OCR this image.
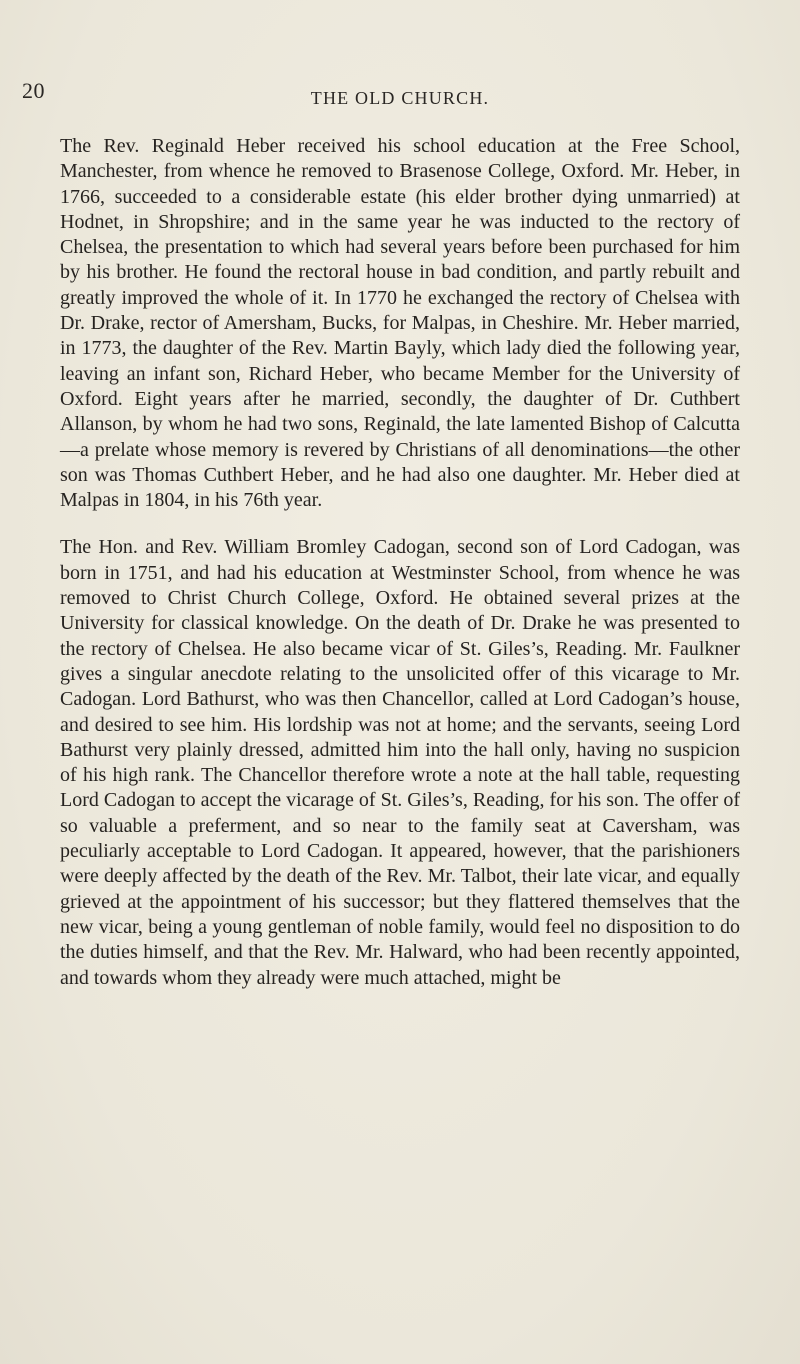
20	THE OLD CHURCH.

The Rev. Reginald Heber received his school education at the Free School, Manchester, from whence he removed to Brasenose College, Oxford. Mr. Heber, in 1766, succeeded to a considerable estate (his elder brother dying unmarried) at Hodnet, in Shropshire; and in the same year he was inducted to the rectory of Chelsea, the presentation to which had several years before been purchased for him by his brother. He found the rectoral house in bad condition, and partly rebuilt and greatly improved the whole of it. In 1770 he exchanged the rectory of Chelsea with Dr. Drake, rector of Amersham, Bucks, for Malpas, in Cheshire. Mr. Heber married, in 1773, the daughter of the Rev. Martin Bayly, which lady died the following year, leaving an infant son, Richard Heber, who became Member for the University of Oxford. Eight years after he married, secondly, the daughter of Dr. Cuthbert Allanson, by whom he had two sons, Reginald, the late lamented Bishop of Calcutta—a prelate whose memory is revered by Christians of all denominations—the other son was Thomas Cuthbert Heber, and he had also one daughter. Mr. Heber died at Malpas in 1804, in his 76th year.

The Hon. and Rev. William Bromley Cadogan, second son of Lord Cadogan, was born in 1751, and had his education at Westminster School, from whence he was removed to Christ Church College, Oxford. He obtained several prizes at the University for classical knowledge. On the death of Dr. Drake he was presented to the rectory of Chelsea. He also became vicar of St. Giles’s, Reading. Mr. Faulkner gives a singular anecdote relating to the unsolicited offer of this vicarage to Mr. Cadogan. Lord Bathurst, who was then Chancellor, called at Lord Cadogan’s house, and desired to see him. His lordship was not at home; and the servants, seeing Lord Bathurst very plainly dressed, admitted him into the hall only, having no suspicion of his high rank. The Chancellor therefore wrote a note at the hall table, requesting Lord Cadogan to accept the vicarage of St. Giles’s, Reading, for his son. The offer of so valuable a preferment, and so near to the family seat at Caversham, was peculiarly acceptable to Lord Cadogan. It appeared, however, that the parishioners were deeply affected by the death of the Rev. Mr. Talbot, their late vicar, and equally grieved at the appointment of his successor; but they flattered themselves that the new vicar, being a young gentleman of noble family, would feel no disposition to do the duties himself, and that the Rev. Mr. Halward, who had been recently appointed, and towards whom they already were much attached, might be
